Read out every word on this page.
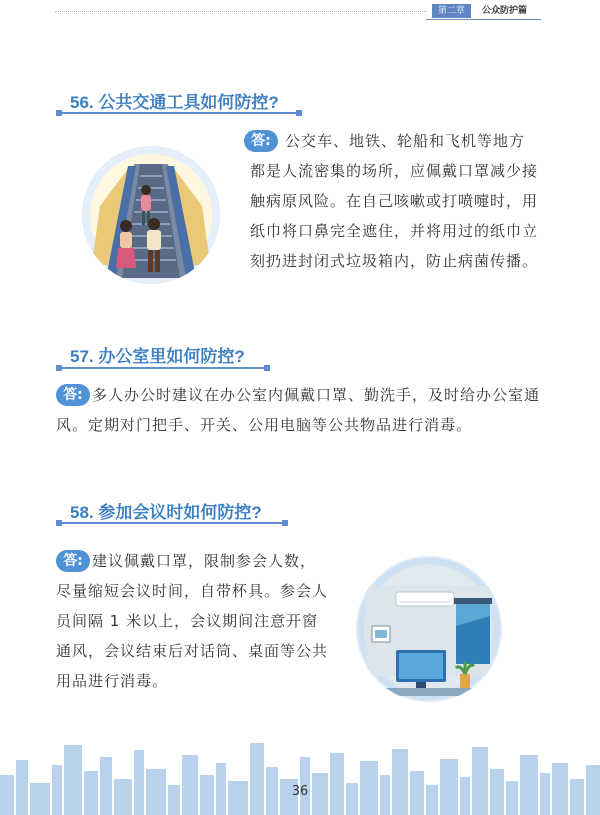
第二章	公众防护篇
56. 公共交通工具如何防控?
答: 公交车、地铁、轮船和飞机等地方
都是人流密集的场所，应佩戴口罩减少接触病原风险。在自己咳嗽或打喷嚏时，用纸巾将口鼻完全遮住，并将用过的纸巾立刻扔进封闭式垃圾箱内，防止病菌传播。
57. 办公室里如何防控?
答: 多人办公时建议在办公室内佩戴口罩、勤洗手，及时给办公室通风。定期对门把手、开关、公用电脑等公共物品进行消毒。
58. 参加会议时如何防控?
答: 建议佩戴口罩，限制参会人数，尽量缩短会议时间，自带杯具。参会人员间隔 1 米以上，会议期间注意开窗通风，会议结束后对话筒、桌面等公共用品进行消毒。
36
